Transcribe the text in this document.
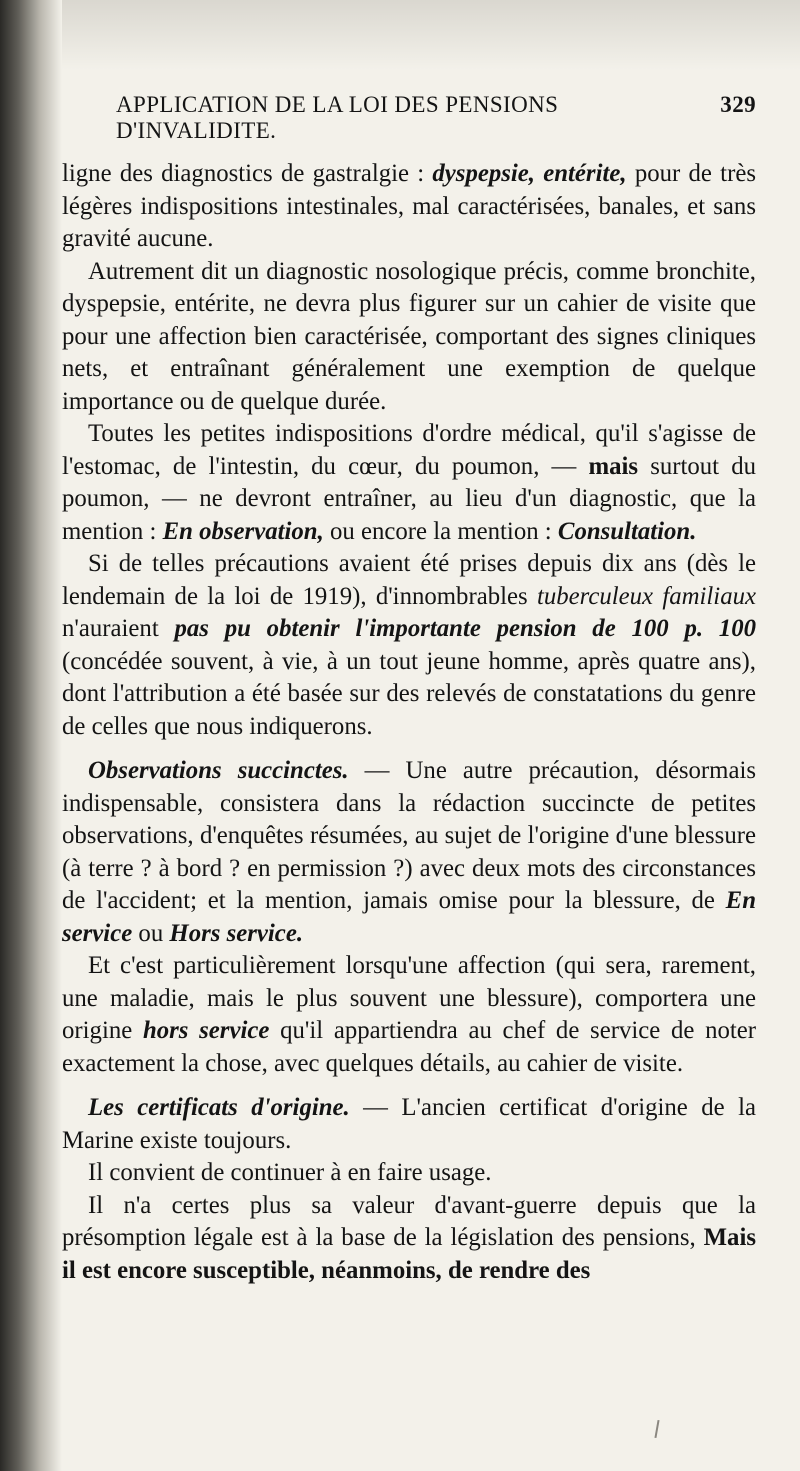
APPLICATION DE LA LOI DES PENSIONS D'INVALIDITE.
329

ligne des diagnostics de gastralgie : dyspepsie, entérite, pour de très légères indispositions intestinales, mal caractérisées, banales, et sans gravité aucune.

Autrement dit un diagnostic nosologique précis, comme bronchite, dyspepsie, entérite, ne devra plus figurer sur un cahier de visite que pour une affection bien caractérisée, comportant des signes cliniques nets, et entraînant généralement une exemption de quelque importance ou de quelque durée.

Toutes les petites indispositions d'ordre médical, qu'il s'agisse de l'estomac, de l'intestin, du cœur, du poumon, — mais surtout du poumon, — ne devront entraîner, au lieu d'un diagnostic, que la mention : En observation, ou encore la mention : Consultation.

Si de telles précautions avaient été prises depuis dix ans (dès le lendemain de la loi de 1919), d'innombrables tuberculeux familiaux n'auraient pas pu obtenir l'importante pension de 100 p. 100 (concédée souvent, à vie, à un tout jeune homme, après quatre ans), dont l'attribution a été basée sur des relevés de constatations du genre de celles que nous indiquerons.

Observations succinctes. — Une autre précaution, désormais indispensable, consistera dans la rédaction succincte de petites observations, d'enquêtes résumées, au sujet de l'origine d'une blessure (à terre ? à bord ? en permission ?) avec deux mots des circonstances de l'accident; et la mention, jamais omise pour la blessure, de En service ou Hors service.

Et c'est particulièrement lorsqu'une affection (qui sera, rarement, une maladie, mais le plus souvent une blessure), comportera une origine hors service qu'il appartiendra au chef de service de noter exactement la chose, avec quelques détails, au cahier de visite.

Les certificats d'origine. — L'ancien certificat d'origine de la Marine existe toujours.

Il convient de continuer à en faire usage.

Il n'a certes plus sa valeur d'avant-guerre depuis que la présomption légale est à la base de la législation des pensions, Mais il est encore susceptible, néanmoins, de rendre des
